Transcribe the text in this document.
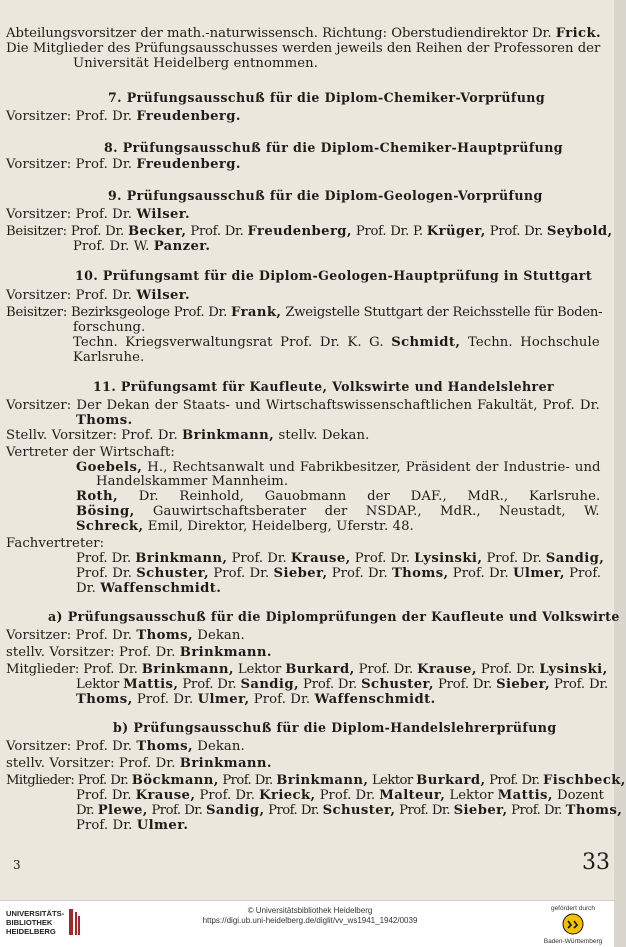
Abteilungsvorsitzer der math.-naturwissensch. Richtung: Oberstudiendirektor Dr. Frick.
Die Mitglieder des Prüfungsausschusses werden jeweils den Reihen der Professoren der
Universität Heidelberg entnommen.
7. Prüfungsausschuß für die Diplom-Chemiker-Vorprüfung
Vorsitzer: Prof. Dr. Freudenberg.
8. Prüfungsausschuß für die Diplom-Chemiker-Hauptprüfung
Vorsitzer: Prof. Dr. Freudenberg.
9. Prüfungsausschuß für die Diplom-Geologen-Vorprüfung
Vorsitzer: Prof. Dr. Wilser.
Beisitzer: Prof. Dr. Becker, Prof. Dr. Freudenberg, Prof. Dr. P. Krüger, Prof. Dr. Seybold,
Prof. Dr. W. Panzer.
10. Prüfungsamt für die Diplom-Geologen-Hauptprüfung in Stuttgart
Vorsitzer: Prof. Dr. Wilser.
Beisitzer: Bezirksgeologe Prof. Dr. Frank, Zweigstelle Stuttgart der Reichsstelle für Boden-
forschung.
Techn. Kriegsverwaltungsrat Prof. Dr. K. G. Schmidt, Techn. Hochschule
Karlsruhe.
11. Prüfungsamt für Kaufleute, Volkswirte und Handelslehrer
Vorsitzer: Der Dekan der Staats- und Wirtschaftswissenschaftlichen Fakultät, Prof. Dr.
Thoms.
Stellv. Vorsitzer: Prof. Dr. Brinkmann, stellv. Dekan.
Vertreter der Wirtschaft:
Goebels, H., Rechtsanwalt und Fabrikbesitzer, Präsident der Industrie- und
Handelskammer Mannheim.
Roth, Dr. Reinhold, Gauobmann der DAF., MdR., Karlsruhe.
Bösing, Gauwirtschaftsberater der NSDAP., MdR., Neustadt, W.
Schreck, Emil, Direktor, Heidelberg, Uferstr. 48.
Fachvertreter:
Prof. Dr. Brinkmann, Prof. Dr. Krause, Prof. Dr. Lysinski, Prof. Dr. Sandig,
Prof. Dr. Schuster, Prof. Dr. Sieber, Prof. Dr. Thoms, Prof. Dr. Ulmer, Prof.
Dr. Waffenschmidt.
a) Prüfungsausschuß für die Diplomprüfungen der Kaufleute und Volkswirte
Vorsitzer: Prof. Dr. Thoms, Dekan.
stellv. Vorsitzer: Prof. Dr. Brinkmann.
Mitglieder: Prof. Dr. Brinkmann, Lektor Burkard, Prof. Dr. Krause, Prof. Dr. Lysinski,
Lektor Mattis, Prof. Dr. Sandig, Prof. Dr. Schuster, Prof. Dr. Sieber, Prof. Dr.
Thoms, Prof. Dr. Ulmer, Prof. Dr. Waffenschmidt.
b) Prüfungsausschuß für die Diplom-Handelslehrerprüfung
Vorsitzer: Prof. Dr. Thoms, Dekan.
stellv. Vorsitzer: Prof. Dr. Brinkmann.
Mitglieder: Prof. Dr. Böckmann, Prof. Dr. Brinkmann, Lektor Burkard, Prof. Dr. Fischbeck,
Prof. Dr. Krause, Prof. Dr. Krieck, Prof. Dr. Malteur, Lektor Mattis, Dozent
Dr. Plewe, Prof. Dr. Sandig, Prof. Dr. Schuster, Prof. Dr. Sieber, Prof. Dr. Thoms,
Prof. Dr. Ulmer.
3	33
UNIVERSITÄTS-
BIBLIOTHEK
HEIDELBERG
© Universitätsbibliothek Heidelberg
https://digi.ub.uni-heidelberg.de/diglit/vv_ws1941_1942/0039
gefördert durch
Baden-Württemberg
